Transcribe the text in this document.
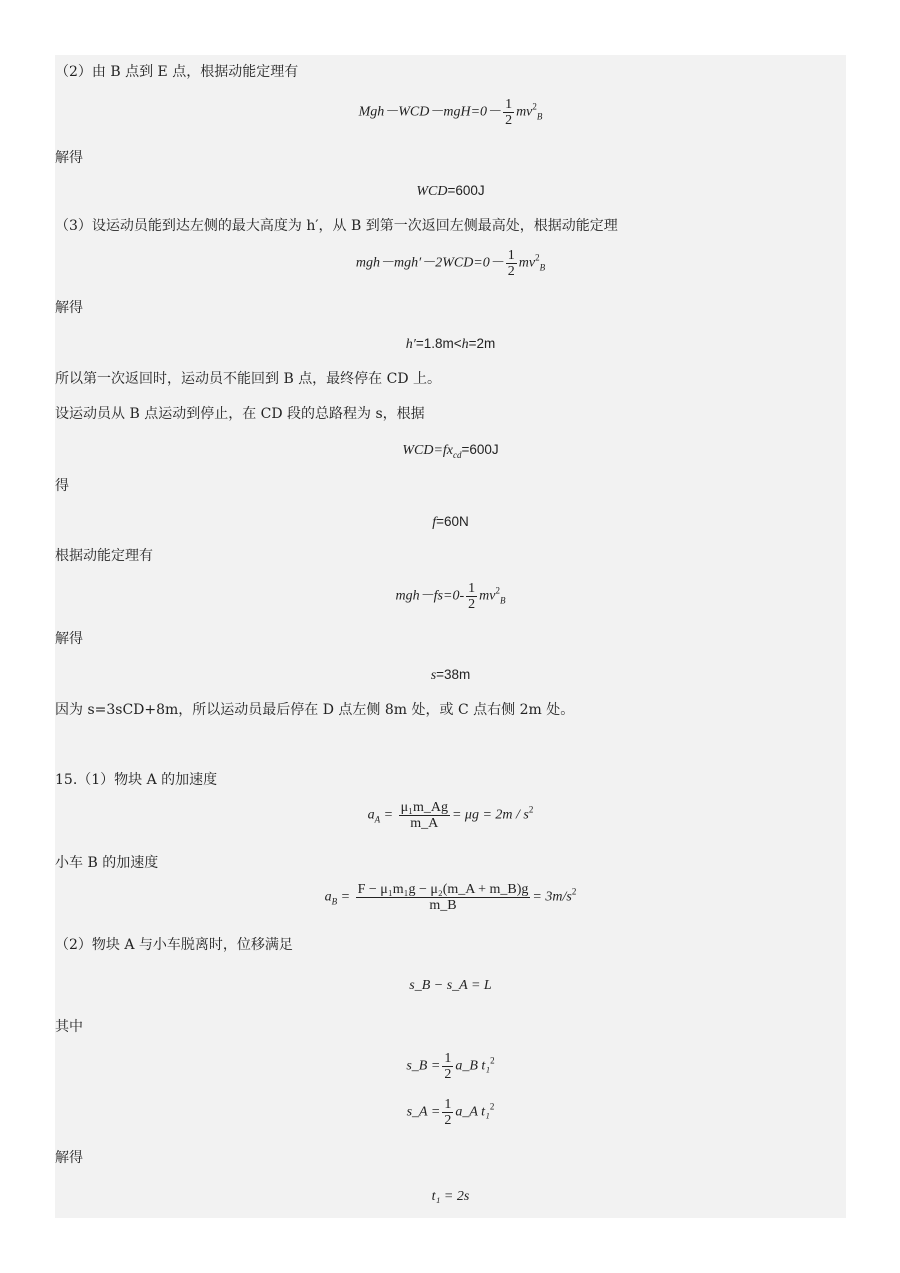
（2）由 B 点到 E 点，根据动能定理有
$Mgh-WCD-mgH=0- \frac{1}{2} mv^2_B$
解得
WCD=600J
（3）设运动员能到达左侧的最大高度为 h′，从 B 到第一次返回左侧最高处，根据动能定理
$mgh-mgh'-2WCD=0- \frac{1}{2} mv^2_B$
解得
h′=1.8m<h=2m
所以第一次返回时，运动员不能回到 B 点，最终停在 CD 上。
设运动员从 B 点运动到停止，在 CD 段的总路程为 s，根据
$WCD=fx_{cd}=600J$
得
f=60N
根据动能定理有
$mgh-fs=0- \frac{1}{2} mv^2_B$
解得
s=38m
因为 s=3sCD+8m，所以运动员最后停在 D 点左侧 8m 处，或 C 点右侧 2m 处。
15.（1）物块 A 的加速度
$a_A = \frac{\text{μ₁m\_Ag}}{m\_A} = \mu g = 2m / s^2$
小车 B 的加速度
$a_B = \frac{\text{F − μ₁m₁g − μ₂(m\_A + m\_B)g}}{m\_B} = 3m/s^2$
（2）物块 A 与小车脱离时，位移满足
s_B − s_A = L
其中
s_B = $\frac{1}{2}$ a_B t₁$^2$
s_A = $\frac{1}{2}$ a_A t₁$^2$
解得
t₁ = 2s
